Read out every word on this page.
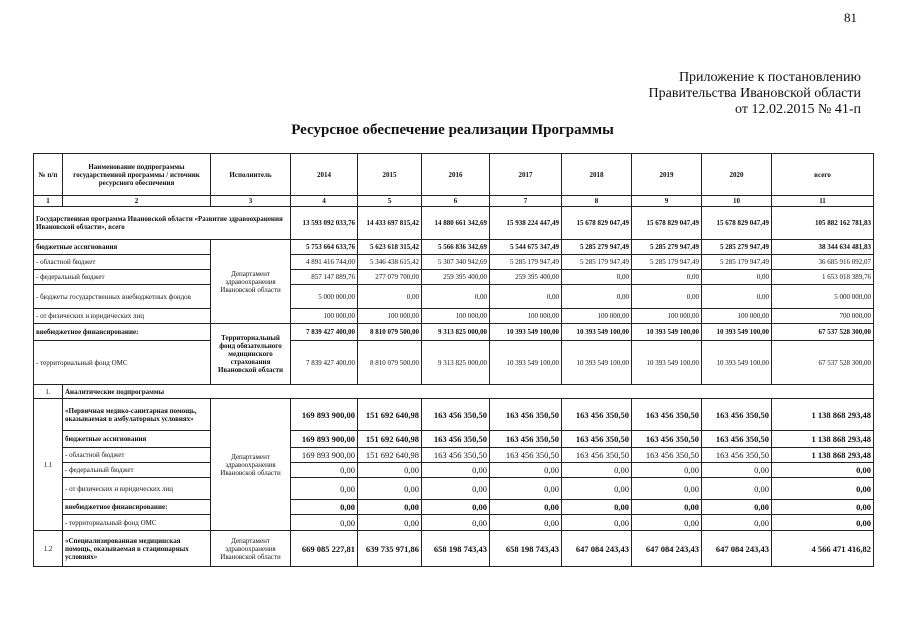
81
Приложение к постановлению
Правительства Ивановской области
от 12.02.2015 № 41-п
Ресурсное обеспечение реализации Программы
№ п/п	Наименование подпрограммы государственной программы / источник ресурсного обеспечения	Исполнитель	2014	2015	2016	2017	2018	2019	2020	всего
1	2	3	4	5	6	7	8	9	10	11
Государственная программа Ивановской области «Развитие здравоохранения Ивановской области», всего			13 593 092 033,76	14 433 697 815,42	14 880 661 342,69	15 938 224 447,49	15 678 829 047,49	15 678 829 047,49	15 678 829 047,49	105 882 162 781,83
бюджетные ассигнования		Департамент здравоохранения Ивановской области	5 753 664 633,76	5 623 618 315,42	5 566 836 342,69	5 544 675 347,49	5 285 279 947,49	5 285 279 947,49	5 285 279 947,49	38 344 634 481,83
- областной бюджет			4 891 416 744,00	5 346 438 615,42	5 307 340 942,69	5 285 179 947,49	5 285 179 947,49	5 285 179 947,49	5 285 179 947,49	36 685 916 092,07
- федеральный бюджет			857 147 889,76	277 079 700,00	259 395 400,00	259 395 400,00	0,00	0,00	0,00	1 653 018 389,76
- бюджеты государственных внебюджетных фондов			5 000 000,00	0,00	0,00	0,00	0,00	0,00	0,00	5 000 000,00
- от физических и юридических лиц			100 000,00	100 000,00	100 000,00	100 000,00	100 000,00	100 000,00	100 000,00	700 000,00
внебюджетное финансирование:		Территориальный фонд обязательного медицинского страхования Ивановской области	7 839 427 400,00	8 810 079 500,00	9 313 825 000,00	10 393 549 100,00	10 393 549 100,00	10 393 549 100,00	10 393 549 100,00	67 537 528 300,00
- территориальный фонд ОМС			7 839 427 400,00	8 810 079 500,00	9 313 825 000,00	10 393 549 100,00	10 393 549 100,00	10 393 549 100,00	10 393 549 100,00	67 537 528 300,00
1.	Аналитические подпрограммы									
1.1	«Первичная медико-санитарная помощь, оказываемая в амбулаторных условиях»	Департамент здравоохранения Ивановской области	169 893 900,00	151 692 640,98	163 456 350,50	163 456 350,50	163 456 350,50	163 456 350,50	163 456 350,50	1 138 868 293,48
	бюджетные ассигнования		169 893 900,00	151 692 640,98	163 456 350,50	163 456 350,50	163 456 350,50	163 456 350,50	163 456 350,50	1 138 868 293,48
	- областной бюджет		169 893 900,00	151 692 640,98	163 456 350,50	163 456 350,50	163 456 350,50	163 456 350,50	163 456 350,50	1 138 868 293,48
	- федеральный бюджет		0,00	0,00	0,00	0,00	0,00	0,00	0,00	0,00
	- от физических и юридических лиц		0,00	0,00	0,00	0,00	0,00	0,00	0,00	0,00
	внебюджетное финансирование:		0,00	0,00	0,00	0,00	0,00	0,00	0,00	0,00
	- территориальный фонд ОМС		0,00	0,00	0,00	0,00	0,00	0,00	0,00	0,00
1.2	«Специализированная медицинская помощь, оказываемая в стационарных условиях»	Департамент здравоохранения Ивановской области	669 085 227,81	639 735 971,86	658 198 743,43	658 198 743,43	647 084 243,43	647 084 243,43	647 084 243,43	4 566 471 416,82
